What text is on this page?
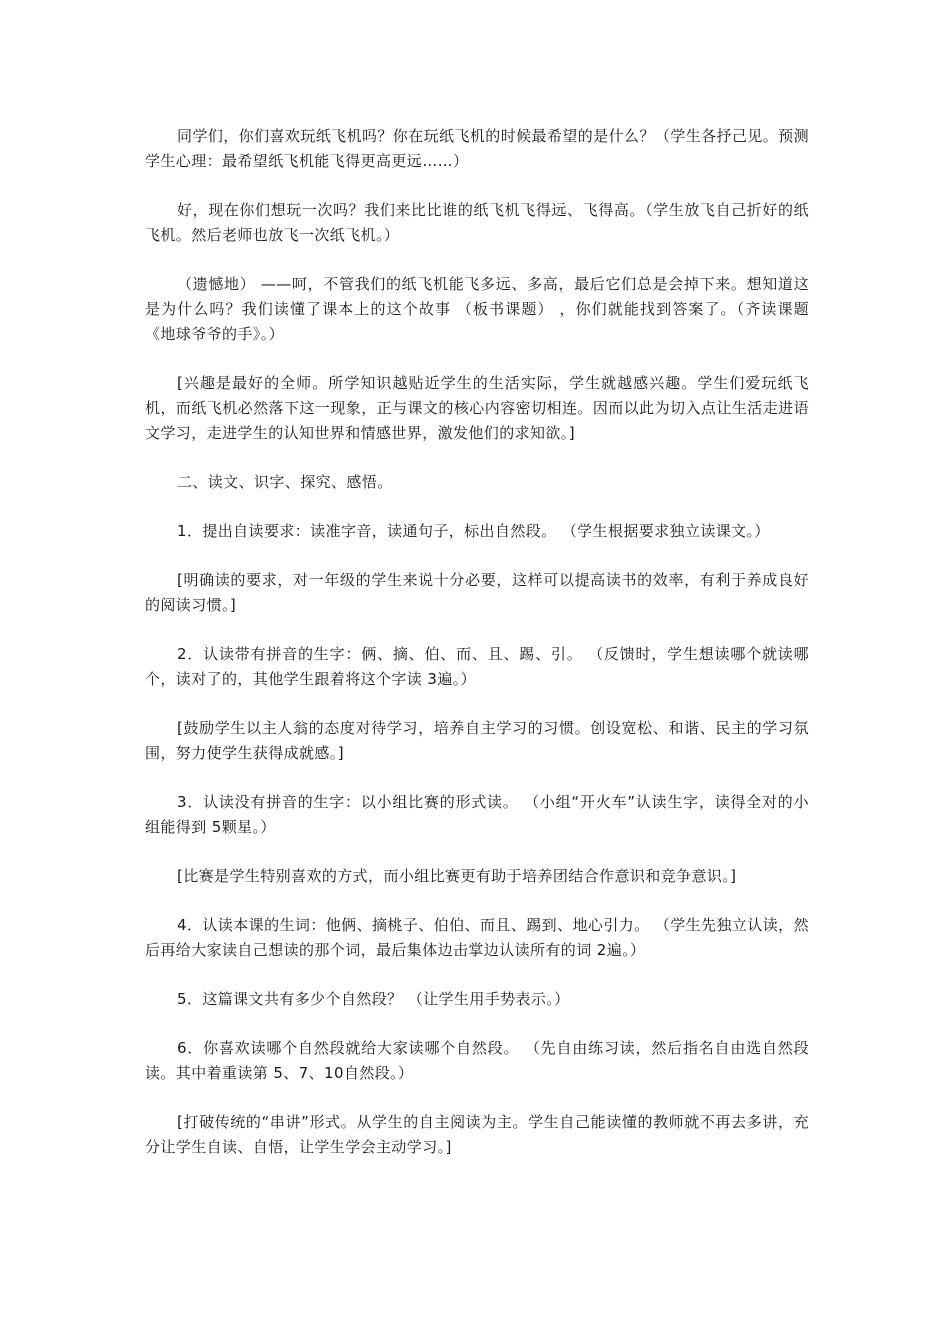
同学们，你们喜欢玩纸飞机吗？你在玩纸飞机的时候最希望的是什么？（学生各抒己见。预测学生心理：最希望纸飞机能飞得更高更远……）

好，现在你们想玩一次吗？我们来比比谁的纸飞机飞得远、飞得高。（学生放飞自己折好的纸飞机。然后老师也放飞一次纸飞机。）

（遗憾地） ——呵，不管我们的纸飞机能飞多远、多高，最后它们总是会掉下来。想知道这是为什么吗？我们读懂了课本上的这个故事 （板书课题） ，你们就能找到答案了。（齐读课题《地球爷爷的手》。）

[兴趣是最好的全师。所学知识越贴近学生的生活实际，学生就越感兴趣。学生们爱玩纸飞机，而纸飞机必然落下这一现象，正与课文的核心内容密切相连。因而以此为切入点让生活走进语文学习，走进学生的认知世界和情感世界，激发他们的求知欲。]

二、读文、识字、探究、感悟。

1．提出自读要求：读准字音，读通句子，标出自然段。 （学生根据要求独立读课文。）

[明确读的要求，对一年级的学生来说十分必要，这样可以提高读书的效率，有利于养成良好的阅读习惯。]

2．认读带有拼音的生字：俩、摘、伯、而、且、踢、引。 （反馈时，学生想读哪个就读哪个，读对了的，其他学生跟着将这个字读 3遍。）

[鼓励学生以主人翁的态度对待学习，培养自主学习的习惯。创设宽松、和谐、民主的学习氛围，努力使学生获得成就感。]

3．认读没有拼音的生字：以小组比赛的形式读。 （小组“开火车”认读生字，读得全对的小组能得到 5颗星。）

[比赛是学生特别喜欢的方式，而小组比赛更有助于培养团结合作意识和竞争意识。]

4．认读本课的生词：他俩、摘桃子、伯伯、而且、踢到、地心引力。 （学生先独立认读，然后再给大家读自己想读的那个词，最后集体边击掌边认读所有的词 2遍。）

5．这篇课文共有多少个自然段？ （让学生用手势表示。）

6．你喜欢读哪个自然段就给大家读哪个自然段。 （先自由练习读，然后指名自由选自然段读。其中着重读第 5、7、10自然段。）

[打破传统的“串讲”形式。从学生的自主阅读为主。学生自己能读懂的教师就不再去多讲，充分让学生自读、自悟，让学生学会主动学习。]
